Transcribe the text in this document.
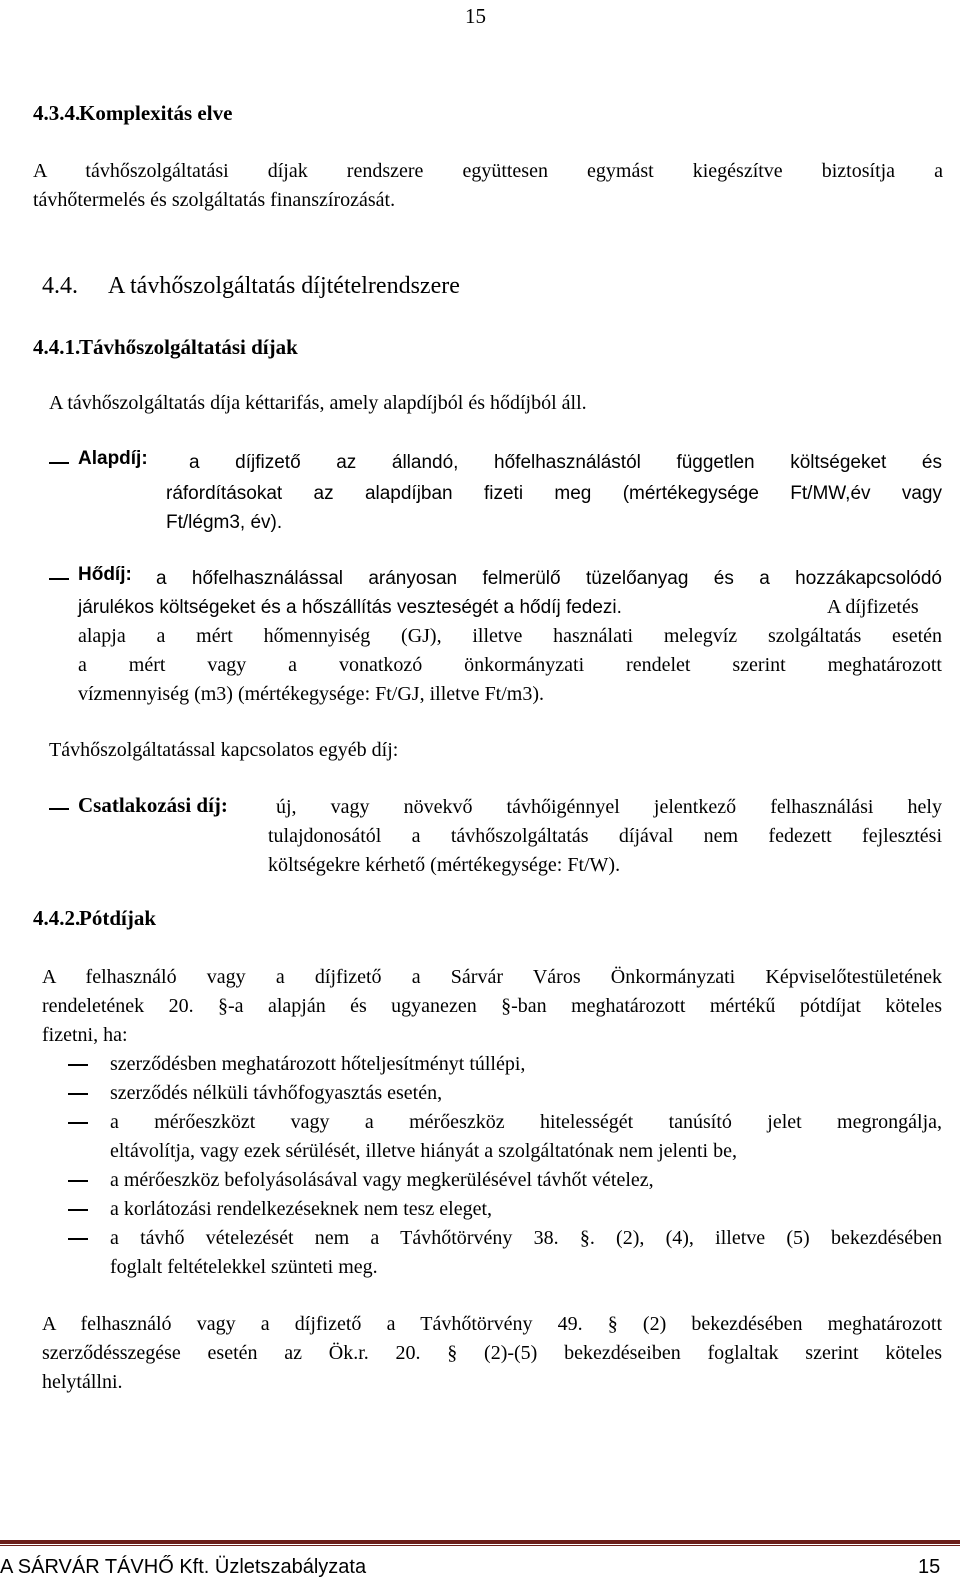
15
4.3.4.
Komplexitás elve
A távhőszolgáltatási díjak rendszere együttesen egymást kiegészítve biztosítja a
távhőtermelés és szolgáltatás finanszírozását.
4.4. A távhőszolgáltatás díjtételrendszere
4.4.1.
Távhőszolgáltatási díjak
A távhőszolgáltatás díja kéttarifás, amely alapdíjból és hődíjból áll.
Alapdíj: a díjfizető az állandó, hőfelhasználástól független költségeket és
ráfordításokat az alapdíjban fizeti meg (mértékegysége Ft/MW,év vagy
Ft/légm3, év).
Hődíj: a hőfelhasználással arányosan felmerülő tüzelőanyag és a hozzákapcsolódó
járulékos költségeket és a hőszállítás veszteségét a hődíj fedezi.	A díjfizetés
alapja a mért hőmennyiség (GJ), illetve használati melegvíz szolgáltatás esetén
a mért vagy a vonatkozó önkormányzati rendelet szerint meghatározott
vízmennyiség (m3) (mértékegysége: Ft/GJ, illetve Ft/m3).
Távhőszolgáltatással kapcsolatos egyéb díj:
Csatlakozási díj: új, vagy növekvő távhőigénnyel jelentkező felhasználási hely
tulajdonosától a távhőszolgáltatás díjával nem fedezett fejlesztési
költségekre kérhető (mértékegysége: Ft/W).
4.4.2.
Pótdíjak
A felhasználó vagy a díjfizető a Sárvár Város Önkormányzati Képviselőtestületének
rendeletének 20. §-a alapján és ugyanezen §-ban meghatározott mértékű pótdíjat köteles
fizetni, ha:
szerződésben meghatározott hőteljesítményt túllépi,
szerződés nélküli távhőfogyasztás esetén,
a mérőeszközt vagy a mérőeszköz hitelességét tanúsító jelet megrongálja,
eltávolítja, vagy ezek sérülését, illetve hiányát a szolgáltatónak nem jelenti be,
a mérőeszköz befolyásolásával vagy megkerülésével távhőt vételez,
a korlátozási rendelkezéseknek nem tesz eleget,
a távhő vételezését nem a Távhőtörvény 38. §. (2), (4), illetve (5) bekezdésében
foglalt feltételekkel szünteti meg.
A felhasználó vagy a díjfizető a Távhőtörvény 49. § (2) bekezdésében meghatározott
szerződésszegése esetén az Ök.r. 20. § (2)-(5) bekezdéseiben foglaltak szerint köteles
helytállni.
A SÁRVÁR TÁVHŐ Kft. Üzletszabályzata	15
